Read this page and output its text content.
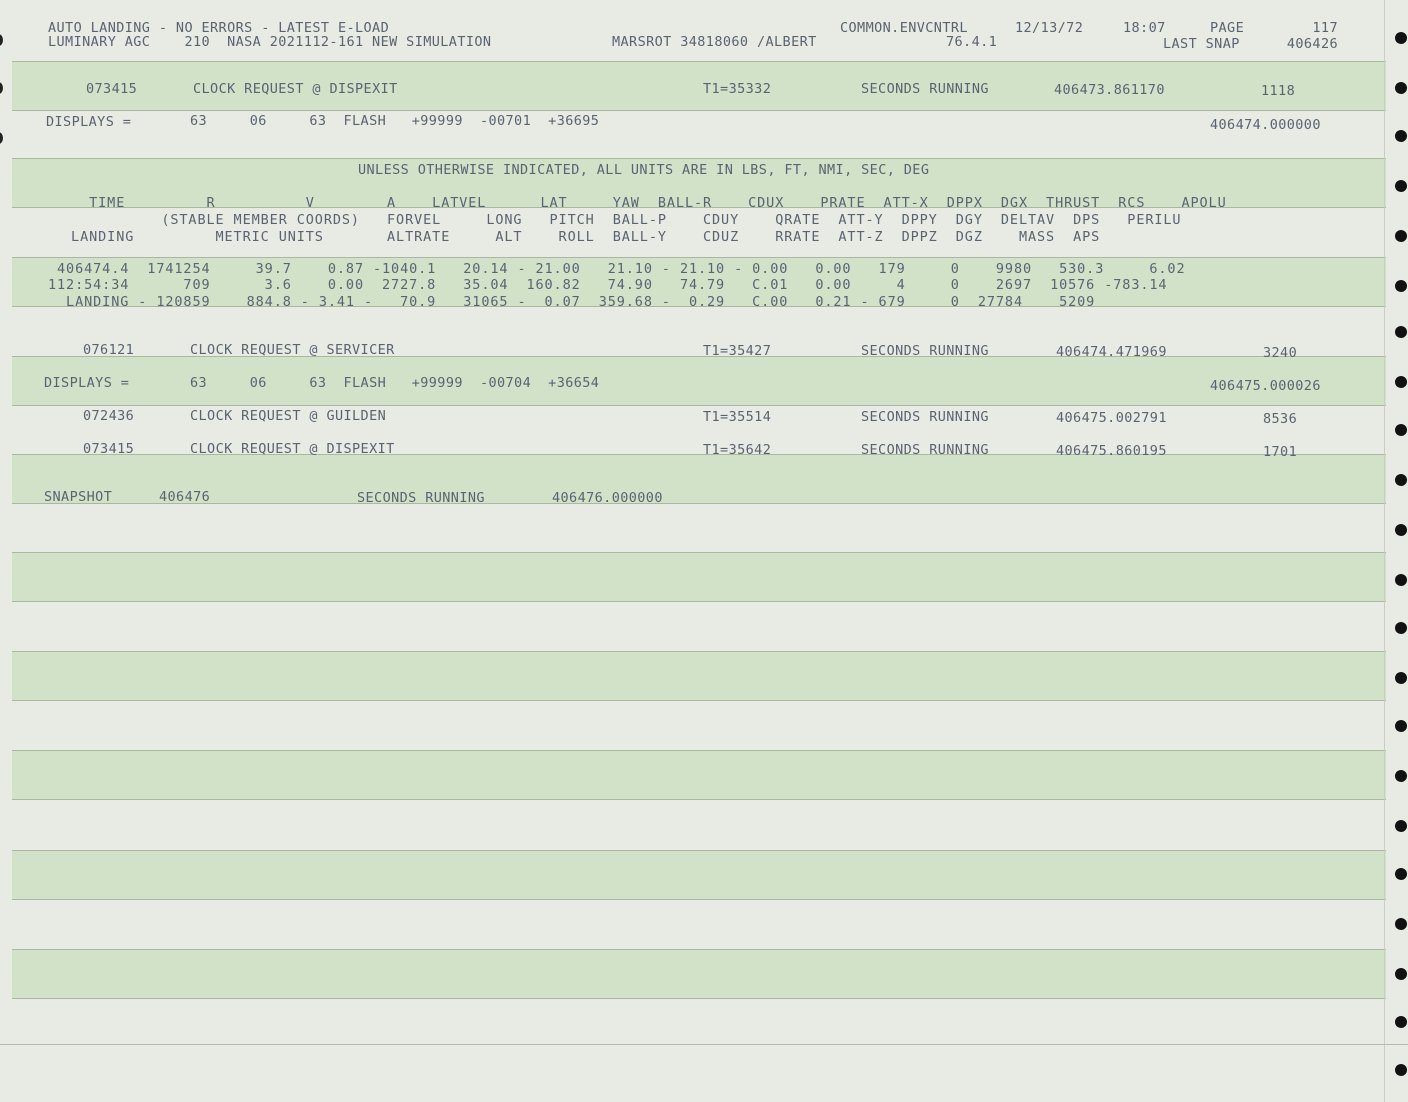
AUTO LANDING - NO ERRORS - LATEST E-LOAD	COMMON.ENVCNTRL	12/13/72	18:07	PAGE	117
LUMINARY AGC    210  NASA 2021112-161 NEW SIMULATION	MARSROT 34818060 /ALBERT	76.4.1	LAST SNAP	406426
073415	CLOCK REQUEST @ DISPEXIT	T1=35332	SECONDS RUNNING	406473.861170	1118
DISPLAYS =	63     06     63  FLASH   +99999  -00701  +36695	406474.000000
UNLESS OTHERWISE INDICATED, ALL UNITS ARE IN LBS, FT, NMI, SEC, DEG
TIME         R          V        A    LATVEL      LAT     YAW  BALL-R    CDUX    PRATE  ATT-X  DPPX  DGX  THRUST  RCS    APOLU
(STABLE MEMBER COORDS)   FORVEL     LONG   PITCH  BALL-P    CDUY    QRATE  ATT-Y  DPPY  DGY  DELTAV  DPS   PERILU
LANDING         METRIC UNITS       ALTRATE     ALT    ROLL  BALL-Y    CDUZ    RRATE  ATT-Z  DPPZ  DGZ    MASS  APS
406474.4  1741254     39.7    0.87 -1040.1   20.14 - 21.00   21.10 - 21.10 - 0.00   0.00   179     0    9980   530.3     6.02
112:54:34      709      3.6    0.00  2727.8   35.04  160.82   74.90   74.79   C.01   0.00     4     0    2697  10576 -783.14
LANDING - 120859    884.8 - 3.41 -   70.9   31065 -  0.07  359.68 -  0.29   C.00   0.21 - 679     0  27784    5209
076121	CLOCK REQUEST @ SERVICER	T1=35427	SECONDS RUNNING	406474.471969	3240
DISPLAYS =	63     06     63  FLASH   +99999  -00704  +36654	406475.000026
072436	CLOCK REQUEST @ GUILDEN	T1=35514	SECONDS RUNNING	406475.002791	8536
073415	CLOCK REQUEST @ DISPEXIT	T1=35642	SECONDS RUNNING	406475.860195	1701
SNAPSHOT	406476	SECONDS RUNNING	406476.000000
